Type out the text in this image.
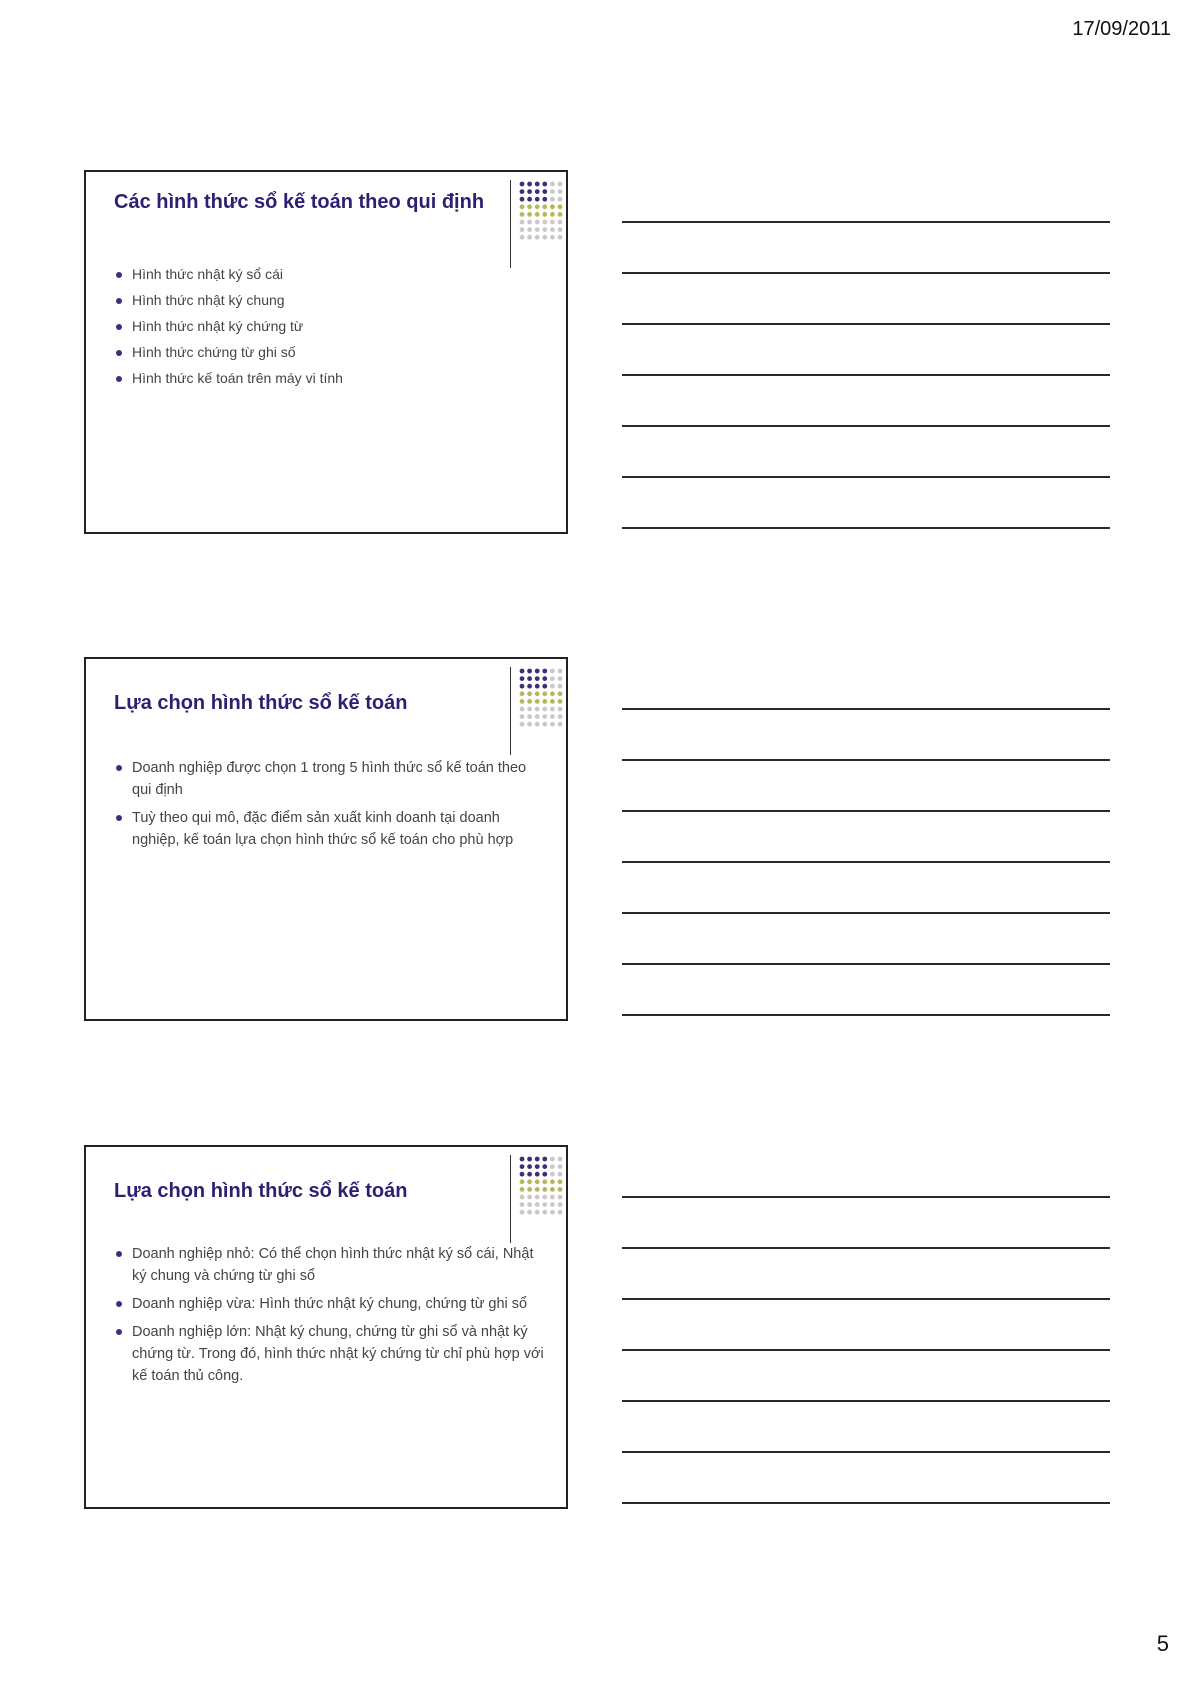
17/09/2011
Các hình thức sổ kế toán theo qui định
Hình thức nhật ký sổ cái
Hình thức nhật ký chung
Hình thức nhật ký chứng từ
Hình thức chứng từ ghi số
Hình thức kế toán trên máy vi tính
Lựa chọn hình thức sổ kế toán
Doanh nghiệp được chọn 1 trong 5 hình thức sổ kế toán theo qui định
Tuỳ theo qui mô, đặc điểm sản xuất kinh doanh tại doanh nghiệp, kế toán lựa chọn hình thức sổ kế toán cho phù hợp
Lựa chọn hình thức sổ kế toán
Doanh nghiệp nhỏ: Có thể chọn hình thức nhật ký sổ cái, Nhật ký chung và chứng từ ghi sổ
Doanh nghiệp vừa: Hình thức nhật ký chung, chứng từ ghi sổ
Doanh nghiệp lớn: Nhật ký chung, chứng từ ghi sổ và nhật ký chứng từ. Trong đó, hình thức nhật ký chứng từ chỉ phù hợp với kế toán thủ công.
5
